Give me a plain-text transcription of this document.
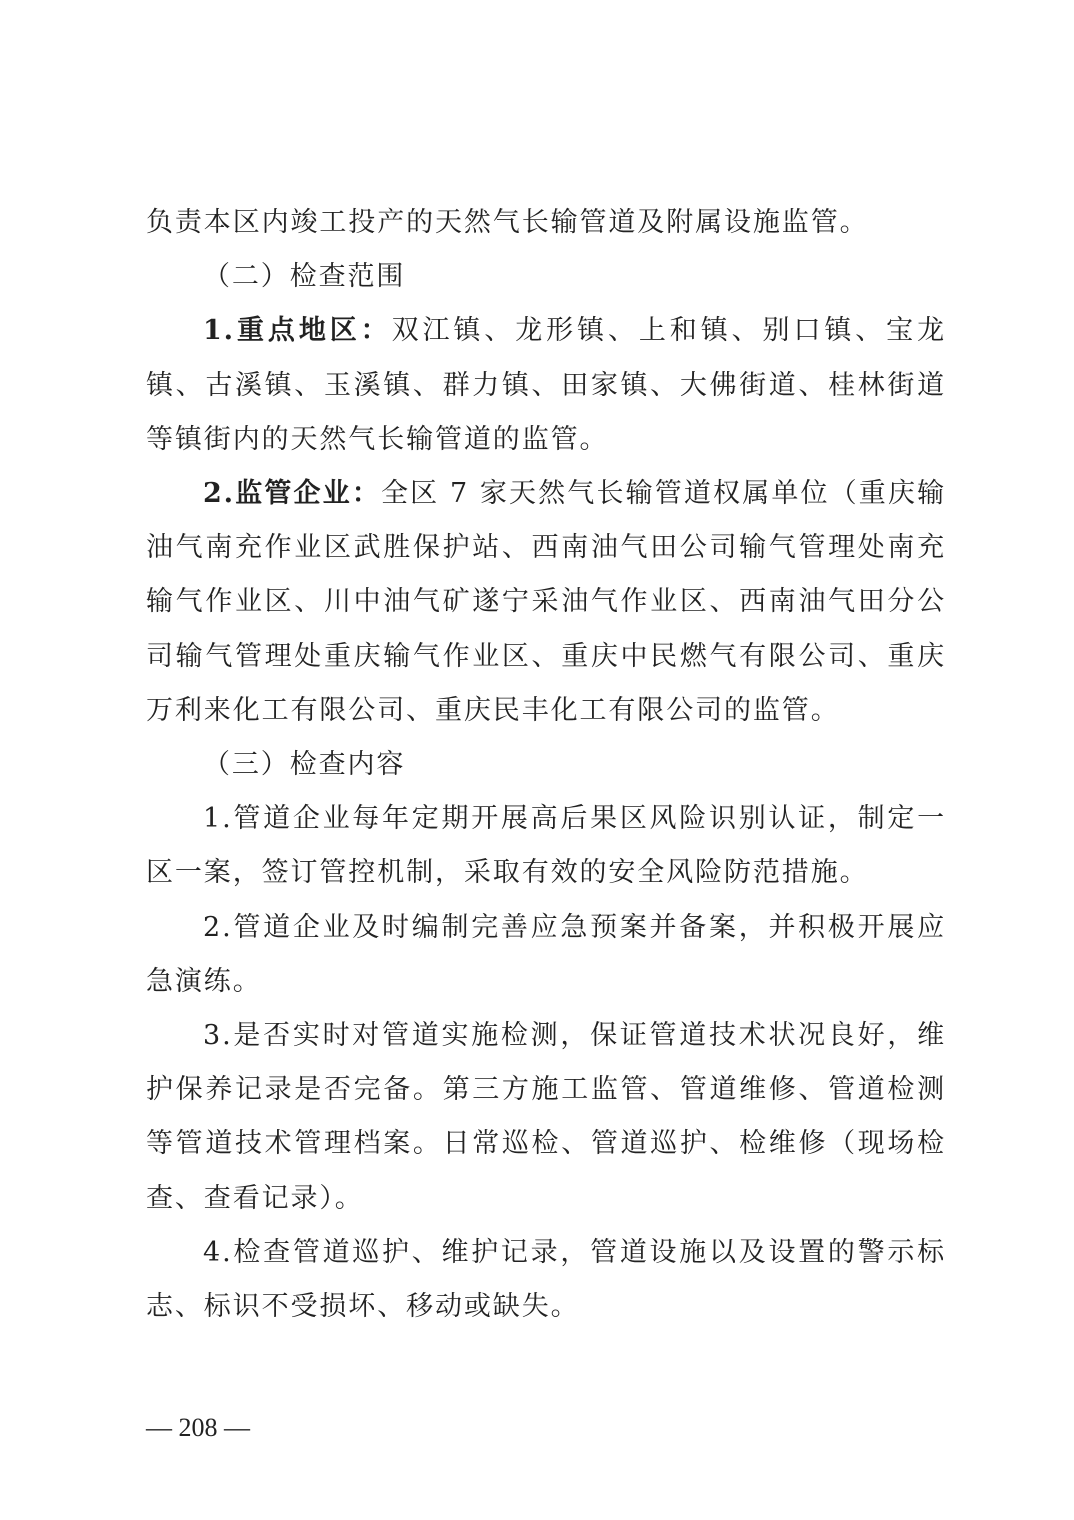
负责本区内竣工投产的天然气长输管道及附属设施监管。

（二）检查范围

1.重点地区：双江镇、龙形镇、上和镇、别口镇、宝龙镇、古溪镇、玉溪镇、群力镇、田家镇、大佛街道、桂林街道等镇街内的天然气长输管道的监管。

2.监管企业：全区 7 家天然气长输管道权属单位（重庆输油气南充作业区武胜保护站、西南油气田公司输气管理处南充输气作业区、川中油气矿遂宁采油气作业区、西南油气田分公司输气管理处重庆输气作业区、重庆中民燃气有限公司、重庆万利来化工有限公司、重庆民丰化工有限公司的监管。

（三）检查内容

1.管道企业每年定期开展高后果区风险识别认证，制定一区一案，签订管控机制，采取有效的安全风险防范措施。

2.管道企业及时编制完善应急预案并备案，并积极开展应急演练。

3.是否实时对管道实施检测，保证管道技术状况良好，维护保养记录是否完备。第三方施工监管、管道维修、管道检测等管道技术管理档案。日常巡检、管道巡护、检维修（现场检查、查看记录）。

4.检查管道巡护、维护记录，管道设施以及设置的警示标志、标识不受损坏、移动或缺失。

— 208 —
